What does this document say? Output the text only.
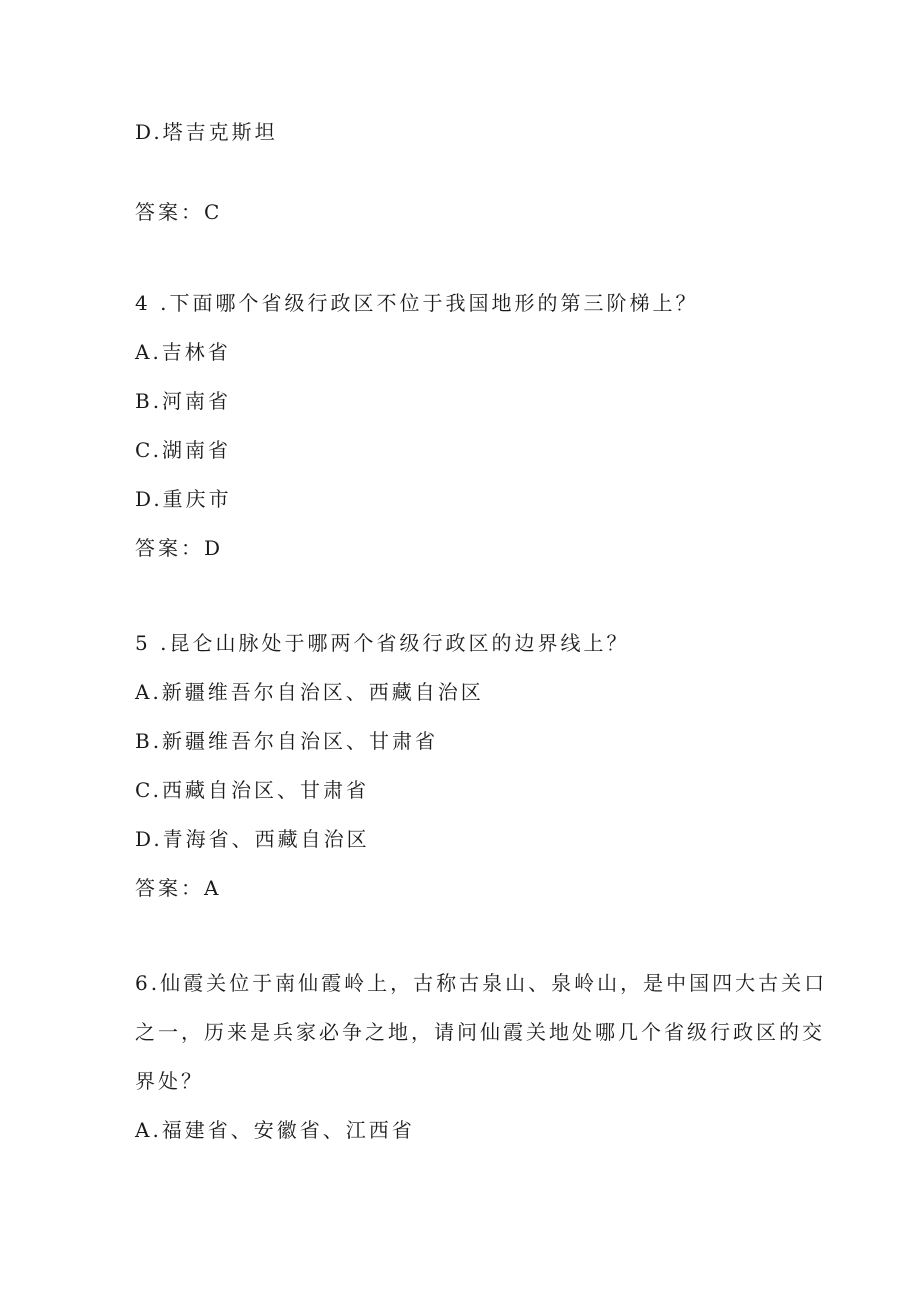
D.塔吉克斯坦
答案：C
4 .下面哪个省级行政区不位于我国地形的第三阶梯上？
A.吉林省
B.河南省
C.湖南省
D.重庆市
答案：D
5 .昆仑山脉处于哪两个省级行政区的边界线上？
A.新疆维吾尔自治区、西藏自治区
B.新疆维吾尔自治区、甘肃省
C.西藏自治区、甘肃省
D.青海省、西藏自治区
答案：A
6.仙霞关位于南仙霞岭上，古称古泉山、泉岭山，是中国四大古关口
之一，历来是兵家必争之地，请问仙霞关地处哪几个省级行政区的交
界处？
A.福建省、安徽省、江西省
